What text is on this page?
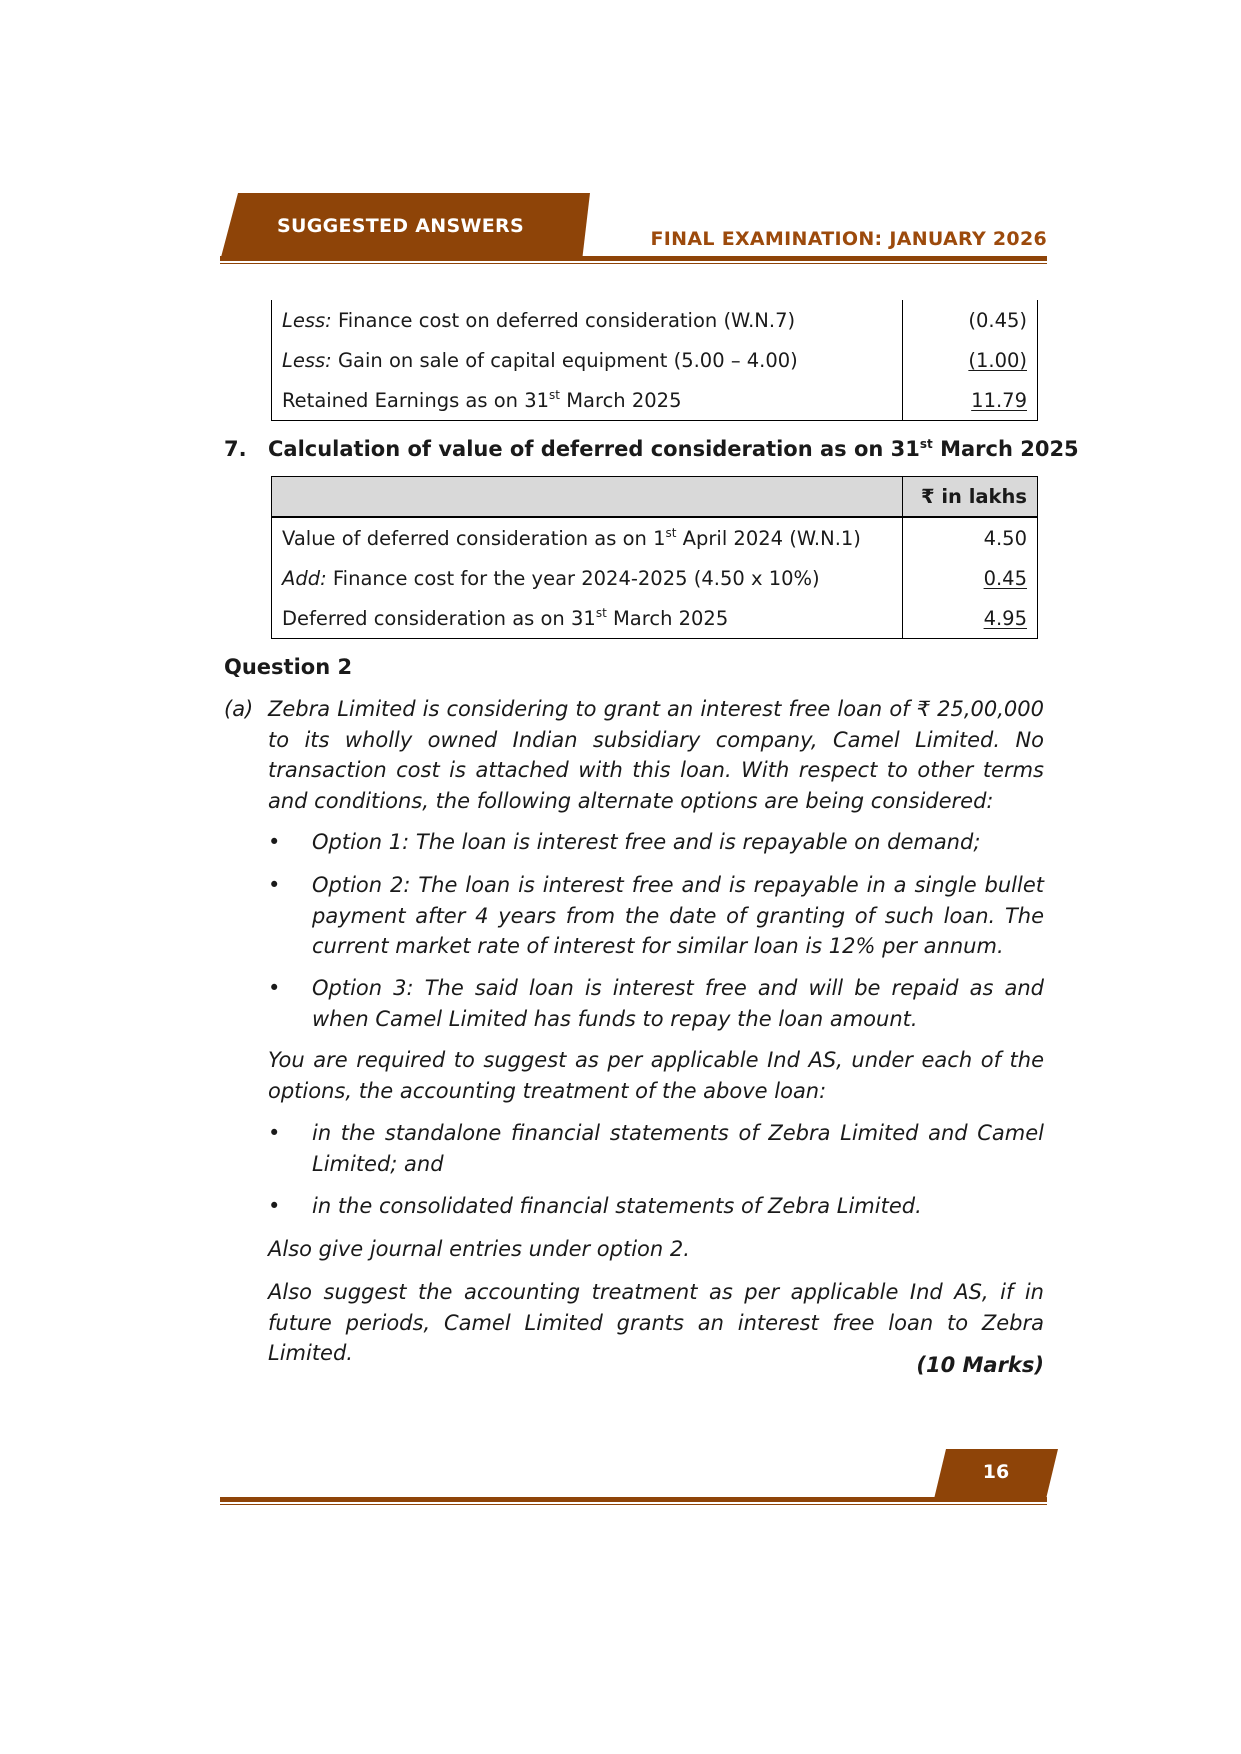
SUGGESTED ANSWERS
FINAL EXAMINATION: JANUARY 2026
Less: Finance cost on deferred consideration (W.N.7)	(0.45)
Less: Gain on sale of capital equipment (5.00 – 4.00)	(1.00)
Retained Earnings as on 31st March 2025	11.79
7. Calculation of value of deferred consideration as on 31st March 2025
	₹ in lakhs
Value of deferred consideration as on 1st April 2024 (W.N.1)	4.50
Add: Finance cost for the year 2024-2025 (4.50 x 10%)	0.45
Deferred consideration as on 31st March 2025	4.95
Question 2
(a) Zebra Limited is considering to grant an interest free loan of ₹ 25,00,000 to its wholly owned Indian subsidiary company, Camel Limited. No transaction cost is attached with this loan. With respect to other terms and conditions, the following alternate options are being considered:
• Option 1: The loan is interest free and is repayable on demand;
• Option 2: The loan is interest free and is repayable in a single bullet payment after 4 years from the date of granting of such loan. The current market rate of interest for similar loan is 12% per annum.
• Option 3: The said loan is interest free and will be repaid as and when Camel Limited has funds to repay the loan amount.
You are required to suggest as per applicable Ind AS, under each of the options, the accounting treatment of the above loan:
• in the standalone financial statements of Zebra Limited and Camel Limited; and
• in the consolidated financial statements of Zebra Limited.
Also give journal entries under option 2.
Also suggest the accounting treatment as per applicable Ind AS, if in future periods, Camel Limited grants an interest free loan to Zebra Limited.	(10 Marks)
16
